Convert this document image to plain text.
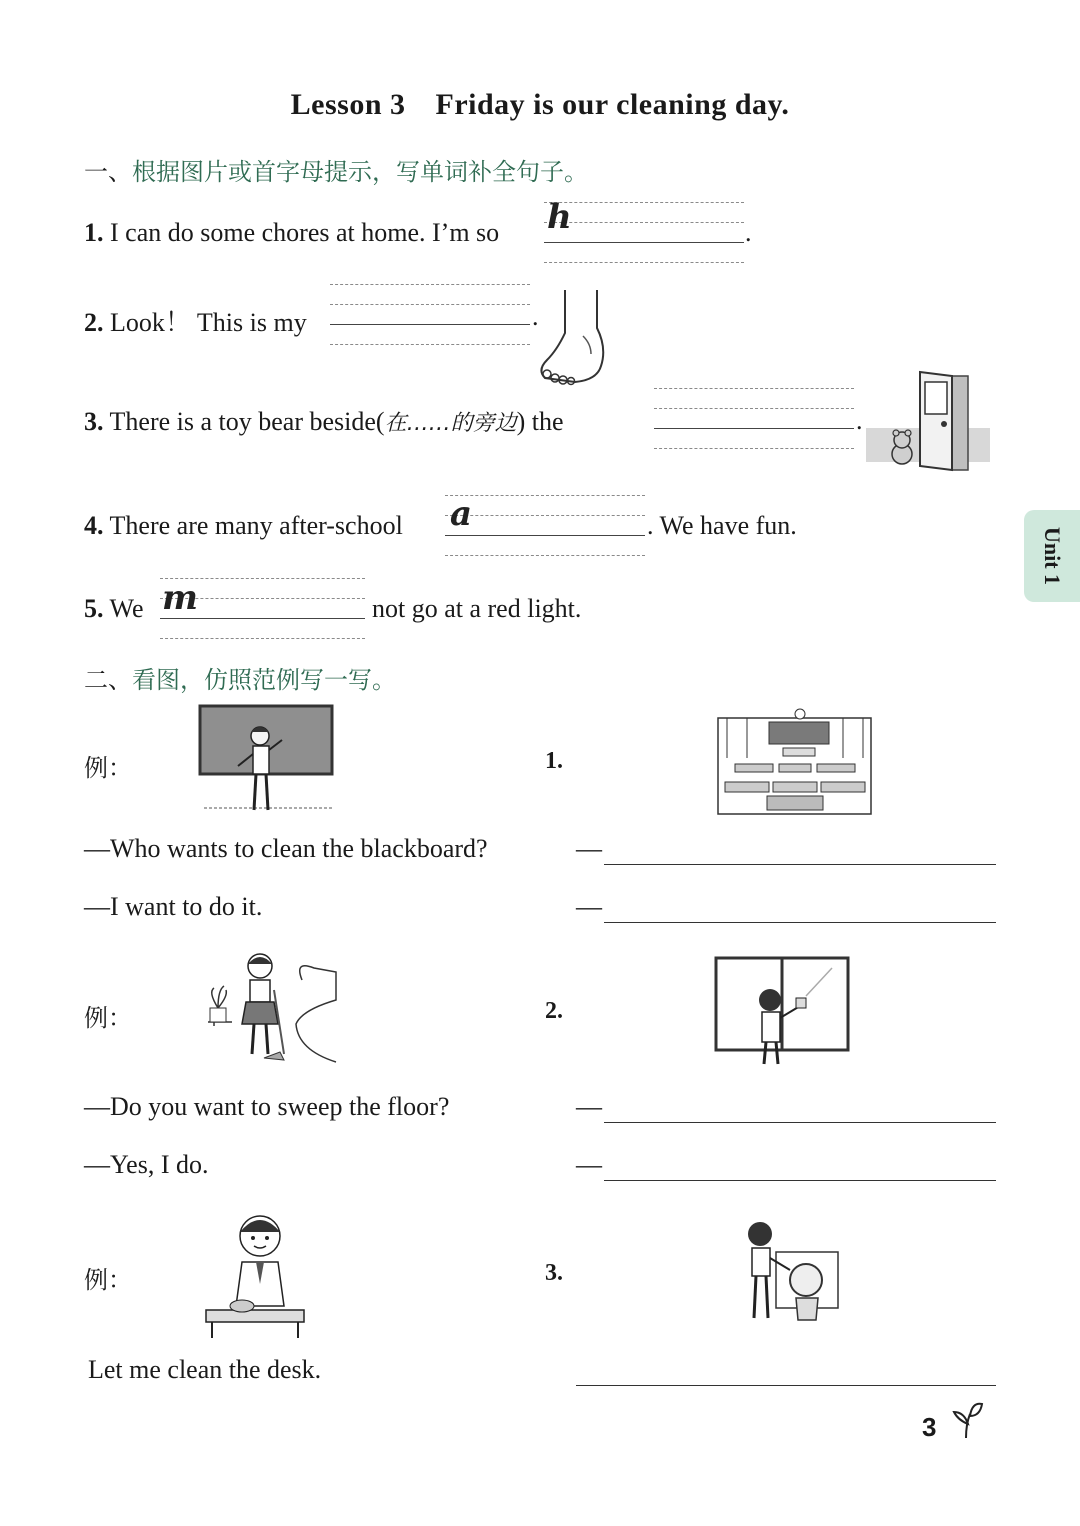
Lesson 3 Friday is our cleaning day.
一、根据图片或首字母提示，写单词补全句子。
1. I can do some chores at home. I’m so h	.
2. Look！ This is my	.
3. There is a toy bear beside(在……的旁边) the	.
4. There are many after-school a	. We have fun.
5. We m	not go at a red light.
Unit 1
二、看图，仿照范例写一写。
例：	1.
—Who wants to clean the blackboard?
—I want to do it.
—
—
例：	2.
—Do you want to sweep the floor?
—Yes, I do.
—
—
例：	3.
Let me clean the desk.
3
